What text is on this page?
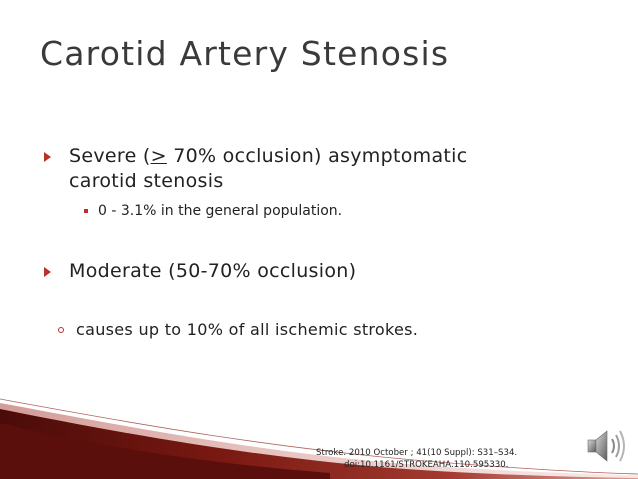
Carotid Artery Stenosis
Severe (≥ 70% occlusion) asymptomatic
carotid stenosis
0 - 3.1% in the general population.
Moderate (50-70% occlusion)
causes up to 10% of all ischemic strokes.
Stroke. 2010 October ; 41(10 Suppl): S31–S34.
doi:10.1161/STROKEAHA.110.595330.
